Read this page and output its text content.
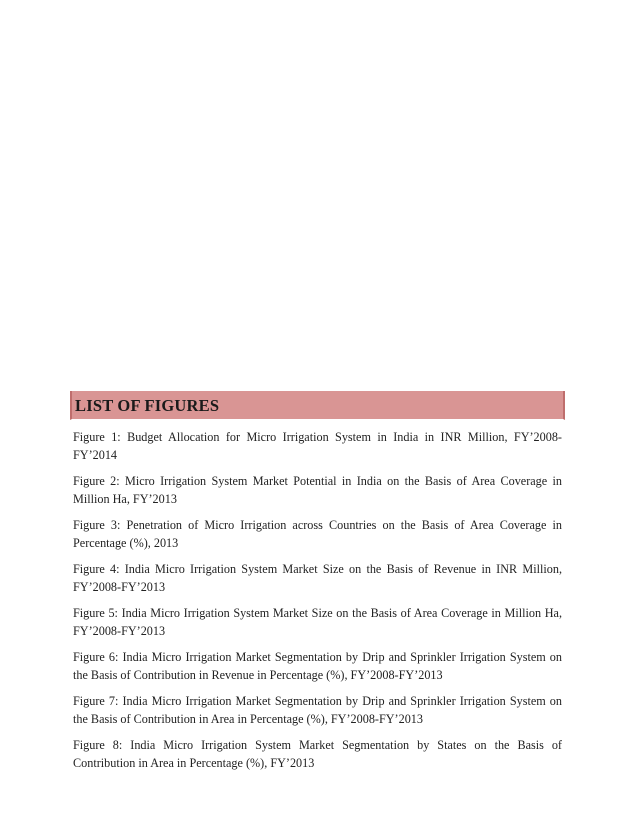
LIST OF FIGURES
Figure 1: Budget Allocation for Micro Irrigation System in India in INR Million, FY’2008-FY’2014
Figure 2: Micro Irrigation System Market Potential in India on the Basis of Area Coverage in Million Ha, FY’2013
Figure 3: Penetration of Micro Irrigation across Countries on the Basis of Area Coverage in Percentage (%), 2013
Figure 4: India Micro Irrigation System Market Size on the Basis of Revenue in INR Million, FY’2008-FY’2013
Figure 5: India Micro Irrigation System Market Size on the Basis of Area Coverage in Million Ha, FY’2008-FY’2013
Figure 6: India Micro Irrigation Market Segmentation by Drip and Sprinkler Irrigation System on the Basis of Contribution in Revenue in Percentage (%), FY’2008-FY’2013
Figure 7: India Micro Irrigation Market Segmentation by Drip and Sprinkler Irrigation System on the Basis of Contribution in Area in Percentage (%), FY’2008-FY’2013
Figure 8: India Micro Irrigation System Market Segmentation by States on the Basis of Contribution in Area in Percentage (%), FY’2013
